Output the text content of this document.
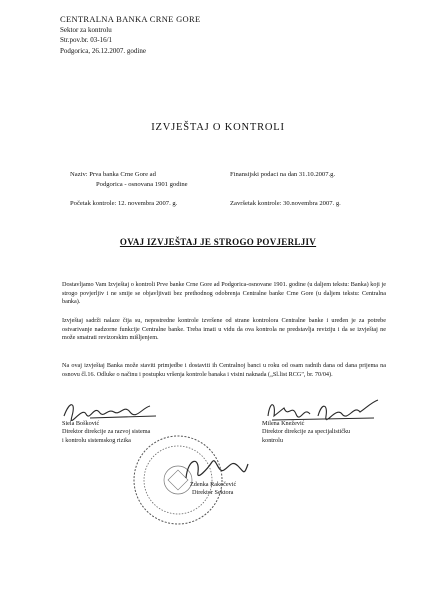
CENTRALNA BANKA CRNE GORE
Sektor za kontrolu
Str.pov.br. 03-16/1
Podgorica, 26.12.2007. godine
IZVJEŠTAJ O KONTROLI
Naziv: Prva banka Crne Gore ad
Podgorica - osnovana 1901 godine
Finansijski podaci na dan 31.10.2007.g.
Početak kontrole: 12. novembra 2007. g.	Završetak kontrole: 30.novembra 2007. g.
OVAJ IZVJEŠTAJ JE STROGO POVJERLJIV
Dostavljamo Vam Izvještaj o kontroli Prve banke Crne Gore ad Podgorica-osnovane 1901. godine (u daljem tekstu: Banka) koji je strogo povjerljiv i ne smije se objavljivati bez prethodnog odobrenja Centralne banke Crne Gore (u daljem tekstu: Centralna banka).
Izvještaj sadrži nalaze čija su, nepostredne kontrole izvršene od strane kontrolora Centralne banke i uređen je za potrebe ostvarivanje nadzorne funkcije Centralne banke. Treba imati u vidu da ova kontrola ne predstavlja reviziju i da se izvještaj ne može smatrati revizorskim mišljenjem.
Na ovaj izvještaj Banka može staviti primjedbe i dostaviti ih Centralnoj banci u roku od osam radnih dana od dana prijema na osnovu čl.16. Odluke o načinu i postupku vršenja kontrole banaka i visini naknada („Sl.list RCG", br. 70/04).
Siela Bošković
Direktor direkcije za razvoj sistema
i kontrolu sistemskog rizika
Milena Knežević
Direktor direkcije za specijalističku
kontrolu
Zdenka Rakočević
Direktor Sektora
